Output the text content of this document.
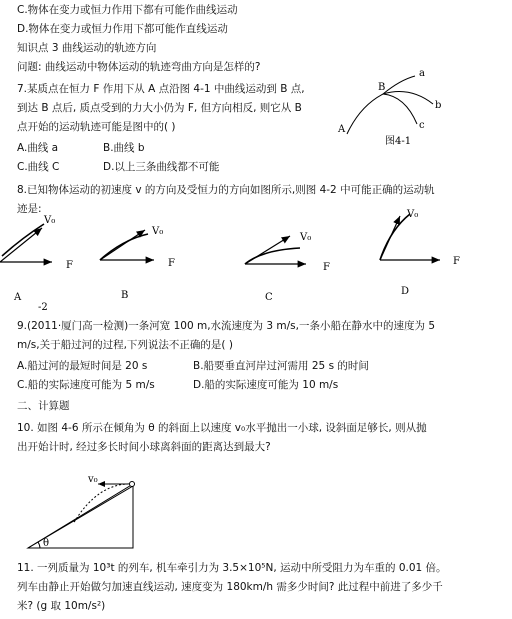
C.物体在变力或恒力作用下都有可能作曲线运动
D.物体在变力或恒力作用下都可能作直线运动
知识点 3 曲线运动的轨迹方向
问题: 曲线运动中物体运动的轨迹弯曲方向是怎样的?
7.某质点在恒力 F 作用下从 A 点沿图 4-1 中曲线运动到 B 点,
到达 B 点后, 质点受到的力大小仍为 F, 但方向相反, 则它从 B
点开始的运动轨迹可能是图中的( )
A.曲线 a	B.曲线 b
C.曲线 C	D.以上三条曲线都不可能
a
b
c
A
B
图4-1
8.已知物体运动的初速度 v 的方向及受恒力的方向如图所示,则图 4-2 中可能正确的运动轨
迹是:
V₀
F
A
-2
V₀
F
B
V₀
F
C
V₀
F
D
9.(2011·厦门高一检测)一条河宽 100 m,水流速度为 3 m/s,一条小船在静水中的速度为 5
m/s,关于船过河的过程,下列说法不正确的是( )
A.船过河的最短时间是 20 s	B.船要垂直河岸过河需用 25 s 的时间
C.船的实际速度可能为 5 m/s	D.船的实际速度可能为 10 m/s
二、计算题
10. 如图 4-6 所示在倾角为 θ 的斜面上以速度 v₀水平抛出一小球, 设斜面足够长, 则从抛
出开始计时, 经过多长时间小球离斜面的距离达到最大?
v₀
θ
11. 一列质量为 10³t 的列车, 机车牵引力为 3.5×10⁵N, 运动中所受阻力为车重的 0.01 倍。
列车由静止开始做匀加速直线运动, 速度变为 180km/h 需多少时间? 此过程中前进了多少千
米? (g 取 10m/s²)
